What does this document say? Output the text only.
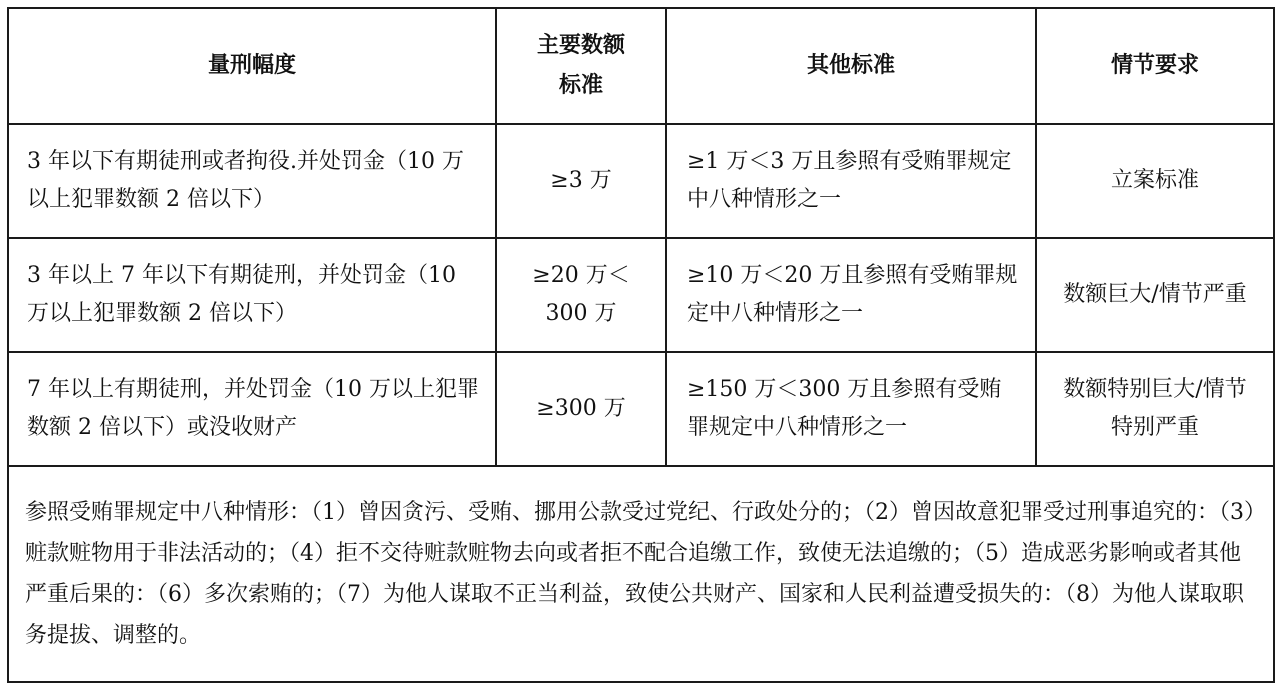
量刑幅度	主要数额标准	其他标准	情节要求
3 年以下有期徒刑或者拘役.并处罚金（10 万以上犯罪数额 2 倍以下）	≥3 万	≥1 万＜3 万且参照有受贿罪规定中八种情形之一	立案标准
3 年以上 7 年以下有期徒刑，并处罚金（10 万以上犯罪数额 2 倍以下）	≥20 万＜300 万	≥10 万＜20 万且参照有受贿罪规定中八种情形之一	数额巨大/情节严重
7 年以上有期徒刑，并处罚金（10 万以上犯罪数额 2 倍以下）或没收财产	≥300 万	≥150 万＜300 万且参照有受贿罪规定中八种情形之一	数额特别巨大/情节特别严重
参照受贿罪规定中八种情形：（1）曾因贪污、受贿、挪用公款受过党纪、行政处分的；（2）曾因故意犯罪受过刑事追究的：（3）赃款赃物用于非法活动的；（4）拒不交待赃款赃物去向或者拒不配合追缴工作，致使无法追缴的；（5）造成恶劣影响或者其他严重后果的：（6）多次索贿的；（7）为他人谋取不正当利益，致使公共财产、国家和人民利益遭受损失的：（8）为他人谋取职务提拔、调整的。			
